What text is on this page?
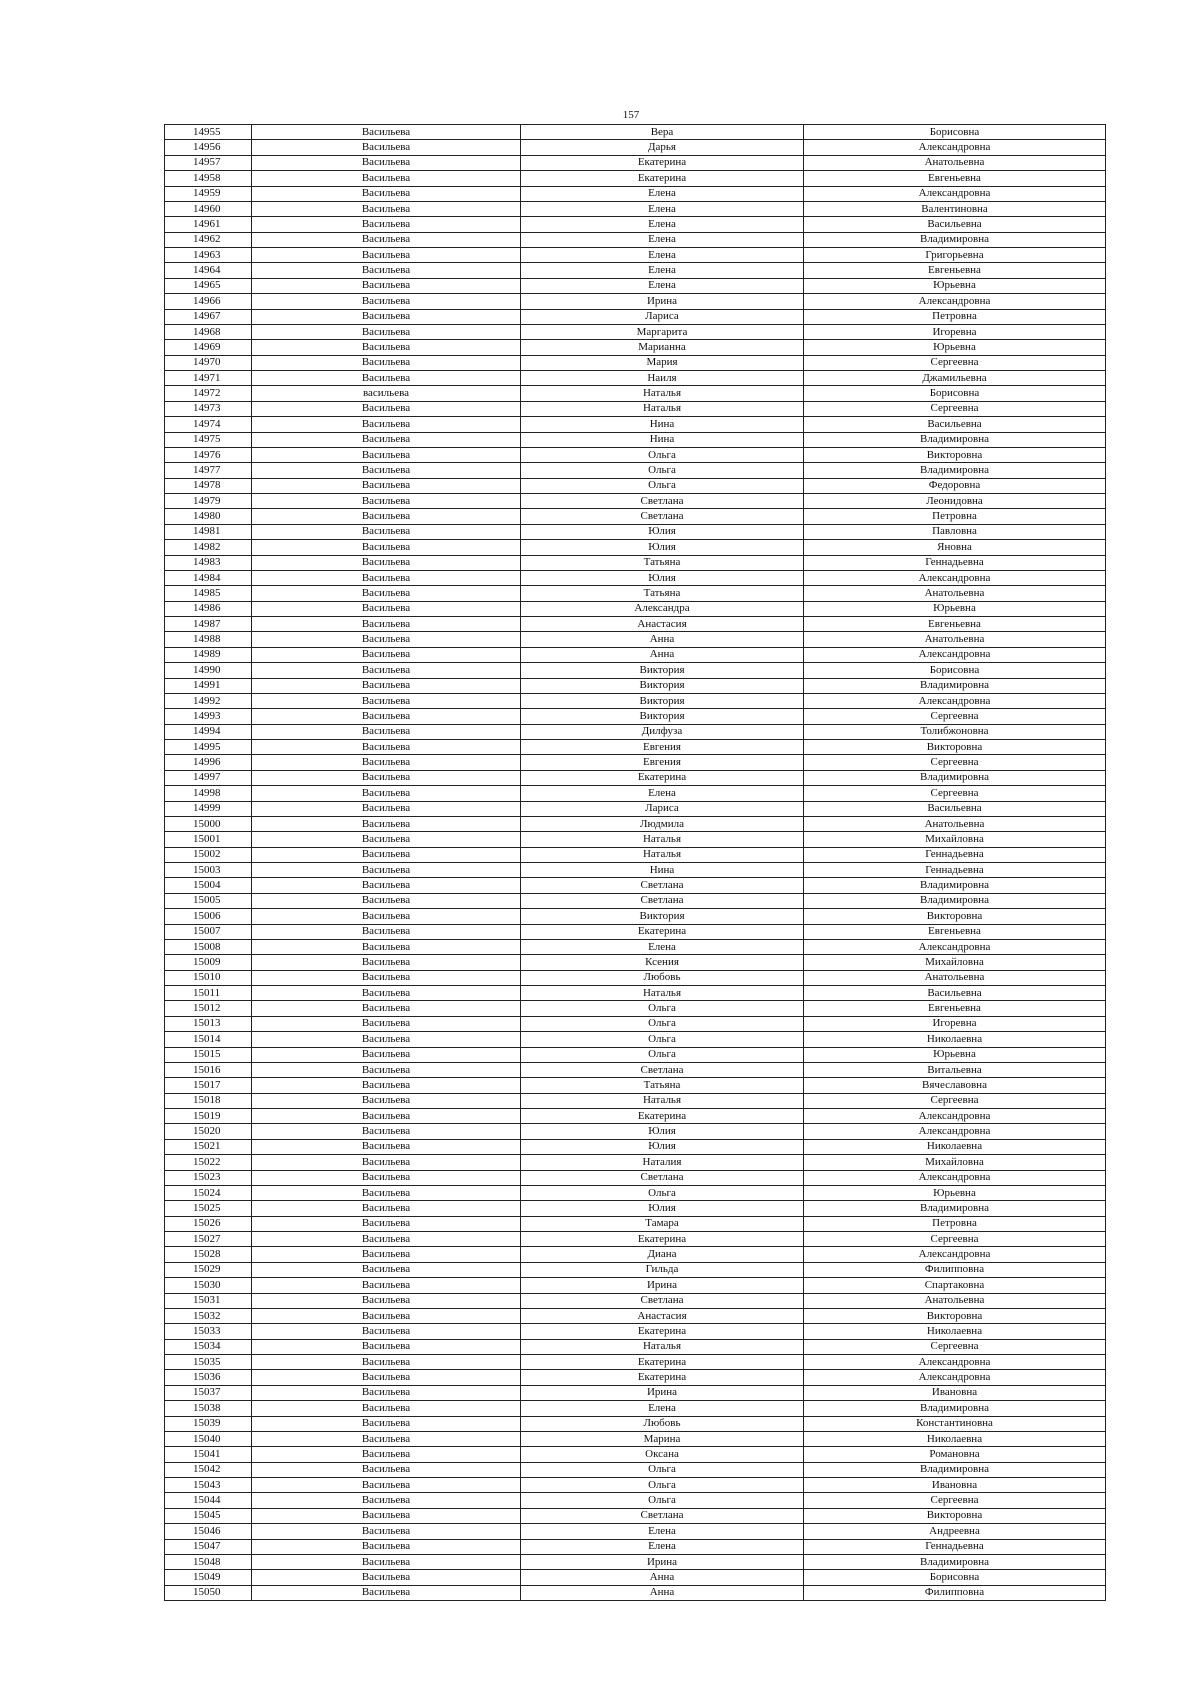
157
14955	Васильева	Вера	Борисовна
14956	Васильева	Дарья	Александровна
14957	Васильева	Екатерина	Анатольевна
14958	Васильева	Екатерина	Евгеньевна
14959	Васильева	Елена	Александровна
14960	Васильева	Елена	Валентиновна
14961	Васильева	Елена	Васильевна
14962	Васильева	Елена	Владимировна
14963	Васильева	Елена	Григорьевна
14964	Васильева	Елена	Евгеньевна
14965	Васильева	Елена	Юрьевна
14966	Васильева	Ирина	Александровна
14967	Васильева	Лариса	Петровна
14968	Васильева	Маргарита	Игоревна
14969	Васильева	Марианна	Юрьевна
14970	Васильева	Мария	Сергеевна
14971	Васильева	Наиля	Джамильевна
14972	васильева	Наталья	Борисовна
14973	Васильева	Наталья	Сергеевна
14974	Васильева	Нина	Васильевна
14975	Васильева	Нина	Владимировна
14976	Васильева	Ольга	Викторовна
14977	Васильева	Ольга	Владимировна
14978	Васильева	Ольга	Федоровна
14979	Васильева	Светлана	Леонидовна
14980	Васильева	Светлана	Петровна
14981	Васильева	Юлия	Павловна
14982	Васильева	Юлия	Яновна
14983	Васильева	Татьяна	Геннадьевна
14984	Васильева	Юлия	Александровна
14985	Васильева	Татьяна	Анатольевна
14986	Васильева	Александра	Юрьевна
14987	Васильева	Анастасия	Евгеньевна
14988	Васильева	Анна	Анатольевна
14989	Васильева	Анна	Александровна
14990	Васильева	Виктория	Борисовна
14991	Васильева	Виктория	Владимировна
14992	Васильева	Виктория	Александровна
14993	Васильева	Виктория	Сергеевна
14994	Васильева	Дилфуза	Толибжоновна
14995	Васильева	Евгения	Викторовна
14996	Васильева	Евгения	Сергеевна
14997	Васильева	Екатерина	Владимировна
14998	Васильева	Елена	Сергеевна
14999	Васильева	Лариса	Васильевна
15000	Васильева	Людмила	Анатольевна
15001	Васильева	Наталья	Михайловна
15002	Васильева	Наталья	Геннадьевна
15003	Васильева	Нина	Геннадьевна
15004	Васильева	Светлана	Владимировна
15005	Васильева	Светлана	Владимировна
15006	Васильева	Виктория	Викторовна
15007	Васильева	Екатерина	Евгеньевна
15008	Васильева	Елена	Александровна
15009	Васильева	Ксения	Михайловна
15010	Васильева	Любовь	Анатольевна
15011	Васильева	Наталья	Васильевна
15012	Васильева	Ольга	Евгеньевна
15013	Васильева	Ольга	Игоревна
15014	Васильева	Ольга	Николаевна
15015	Васильева	Ольга	Юрьевна
15016	Васильева	Светлана	Витальевна
15017	Васильева	Татьяна	Вячеславовна
15018	Васильева	Наталья	Сергеевна
15019	Васильева	Екатерина	Александровна
15020	Васильева	Юлия	Александровна
15021	Васильева	Юлия	Николаевна
15022	Васильева	Наталия	Михайловна
15023	Васильева	Светлана	Александровна
15024	Васильева	Ольга	Юрьевна
15025	Васильева	Юлия	Владимировна
15026	Васильева	Тамара	Петровна
15027	Васильева	Екатерина	Сергеевна
15028	Васильева	Диана	Александровна
15029	Васильева	Гильда	Филипповна
15030	Васильева	Ирина	Спартаковна
15031	Васильева	Светлана	Анатольевна
15032	Васильева	Анастасия	Викторовна
15033	Васильева	Екатерина	Николаевна
15034	Васильева	Наталья	Сергеевна
15035	Васильева	Екатерина	Александровна
15036	Васильева	Екатерина	Александровна
15037	Васильева	Ирина	Ивановна
15038	Васильева	Елена	Владимировна
15039	Васильева	Любовь	Константиновна
15040	Васильева	Марина	Николаевна
15041	Васильева	Оксана	Романовна
15042	Васильева	Ольга	Владимировна
15043	Васильева	Ольга	Ивановна
15044	Васильева	Ольга	Сергеевна
15045	Васильева	Светлана	Викторовна
15046	Васильева	Елена	Андреевна
15047	Васильева	Елена	Геннадьевна
15048	Васильева	Ирина	Владимировна
15049	Васильева	Анна	Борисовна
15050	Васильева	Анна	Филипповна
